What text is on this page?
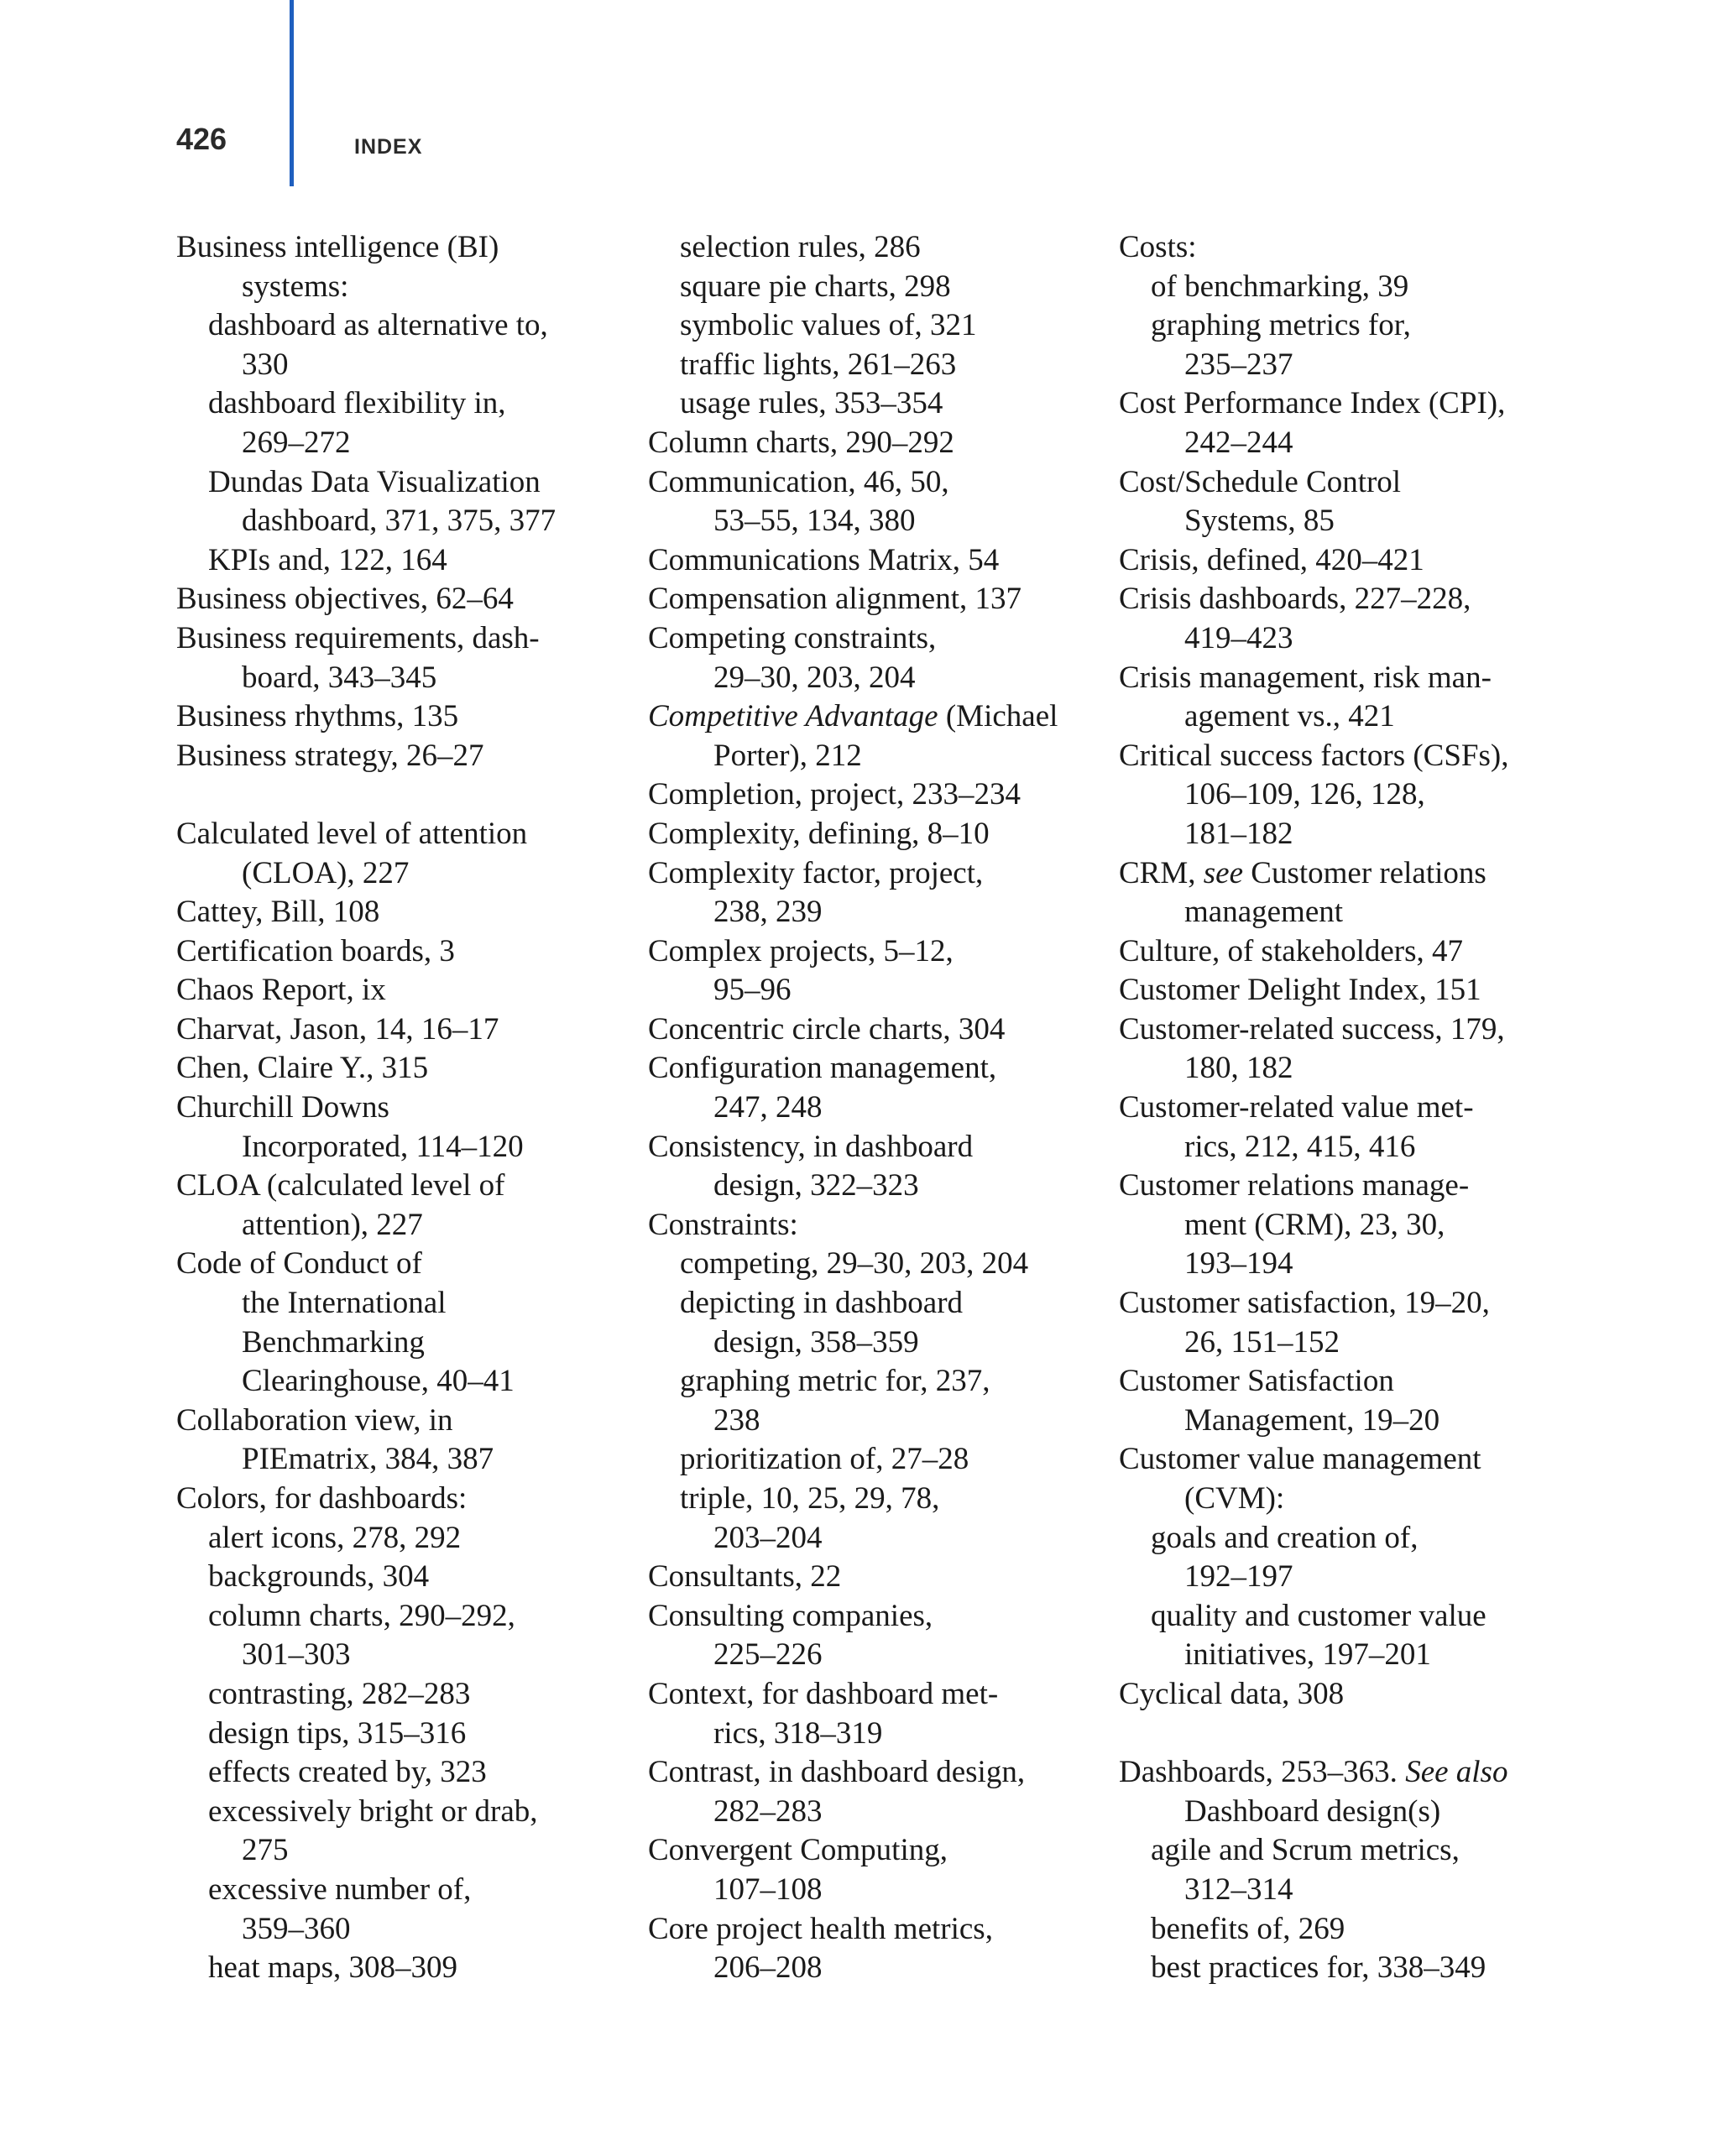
426	INDEX
Business intelligence (BI)
systems:
dashboard as alternative to,
330
dashboard flexibility in,
269–272
Dundas Data Visualization
dashboard, 371, 375, 377
KPIs and, 122, 164
Business objectives, 62–64
Business requirements, dash-
board, 343–345
Business rhythms, 135
Business strategy, 26–27
Calculated level of attention
(CLOA), 227
Cattey, Bill, 108
Certification boards, 3
Chaos Report, ix
Charvat, Jason, 14, 16–17
Chen, Claire Y., 315
Churchill Downs
Incorporated, 114–120
CLOA (calculated level of
attention), 227
Code of Conduct of
the International
Benchmarking
Clearinghouse, 40–41
Collaboration view, in
PIEmatrix, 384, 387
Colors, for dashboards:
alert icons, 278, 292
backgrounds, 304
column charts, 290–292,
301–303
contrasting, 282–283
design tips, 315–316
effects created by, 323
excessively bright or drab,
275
excessive number of,
359–360
heat maps, 308–309
selection rules, 286
square pie charts, 298
symbolic values of, 321
traffic lights, 261–263
usage rules, 353–354
Column charts, 290–292
Communication, 46, 50,
53–55, 134, 380
Communications Matrix, 54
Compensation alignment, 137
Competing constraints,
29–30, 203, 204
Competitive Advantage (Michael
Porter), 212
Completion, project, 233–234
Complexity, defining, 8–10
Complexity factor, project,
238, 239
Complex projects, 5–12,
95–96
Concentric circle charts, 304
Configuration management,
247, 248
Consistency, in dashboard
design, 322–323
Constraints:
competing, 29–30, 203, 204
depicting in dashboard
design, 358–359
graphing metric for, 237,
238
prioritization of, 27–28
triple, 10, 25, 29, 78,
203–204
Consultants, 22
Consulting companies,
225–226
Context, for dashboard met-
rics, 318–319
Contrast, in dashboard design,
282–283
Convergent Computing,
107–108
Core project health metrics,
206–208
Costs:
of benchmarking, 39
graphing metrics for,
235–237
Cost Performance Index (CPI),
242–244
Cost/Schedule Control
Systems, 85
Crisis, defined, 420–421
Crisis dashboards, 227–228,
419–423
Crisis management, risk man-
agement vs., 421
Critical success factors (CSFs),
106–109, 126, 128,
181–182
CRM, see Customer relations
management
Culture, of stakeholders, 47
Customer Delight Index, 151
Customer-related success, 179,
180, 182
Customer-related value met-
rics, 212, 415, 416
Customer relations manage-
ment (CRM), 23, 30,
193–194
Customer satisfaction, 19–20,
26, 151–152
Customer Satisfaction
Management, 19–20
Customer value management
(CVM):
goals and creation of,
192–197
quality and customer value
initiatives, 197–201
Cyclical data, 308
Dashboards, 253–363. See also
Dashboard design(s)
agile and Scrum metrics,
312–314
benefits of, 269
best practices for, 338–349
